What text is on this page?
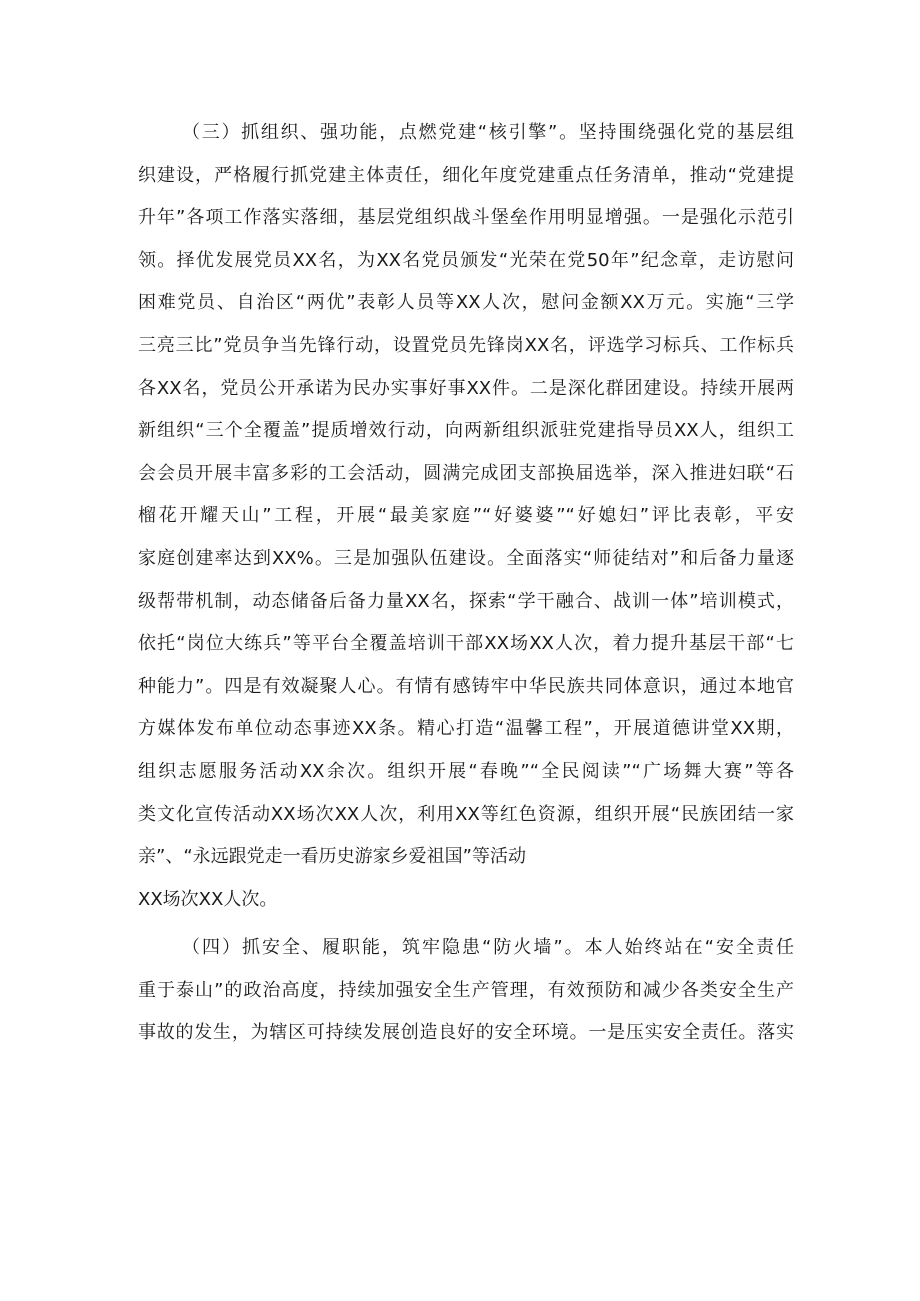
（三）抓组织、强功能，点燃党建“核引擎”。坚持围绕强化党的基层组
织建设，严格履行抓党建主体责任，细化年度党建重点任务清单，推动“党建提
升年”各项工作落实落细，基层党组织战斗堡垒作用明显增强。一是强化示范引
领。择优发展党员XX名，为XX名党员颁发“光荣在党50年”纪念章，走访慰问
困难党员、自治区“两优”表彰人员等XX人次，慰问金额XX万元。实施“三学
三亮三比”党员争当先锋行动，设置党员先锋岗XX名，评选学习标兵、工作标兵
各XX名，党员公开承诺为民办实事好事XX件。二是深化群团建设。持续开展两
新组织“三个全覆盖”提质增效行动，向两新组织派驻党建指导员XX人，组织工
会会员开展丰富多彩的工会活动，圆满完成团支部换届选举，深入推进妇联“石
榴花开耀天山”工程，开展“最美家庭”“好婆婆”“好媳妇”评比表彰，平安
家庭创建率达到XX%。三是加强队伍建设。全面落实“师徒结对”和后备力量逐
级帮带机制，动态储备后备力量XX名，探索“学干融合、战训一体”培训模式，
依托“岗位大练兵”等平台全覆盖培训干部XX场XX人次，着力提升基层干部“七
种能力”。四是有效凝聚人心。有情有感铸牢中华民族共同体意识，通过本地官
方媒体发布单位动态事迹XX条。精心打造“温馨工程”，开展道德讲堂XX期，
组织志愿服务活动XX余次。组织开展“春晚”“全民阅读”“广场舞大赛”等各
类文化宣传活动XX场次XX人次，利用XX等红色资源，组织开展“民族团结一家
亲”、“永远跟党走一看历史游家乡爱祖国”等活动
XX场次XX人次。
（四）抓安全、履职能，筑牢隐患“防火墙”。本人始终站在“安全责任
重于泰山”的政治高度，持续加强安全生产管理，有效预防和减少各类安全生产
事故的发生，为辖区可持续发展创造良好的安全环境。一是压实安全责任。落实
